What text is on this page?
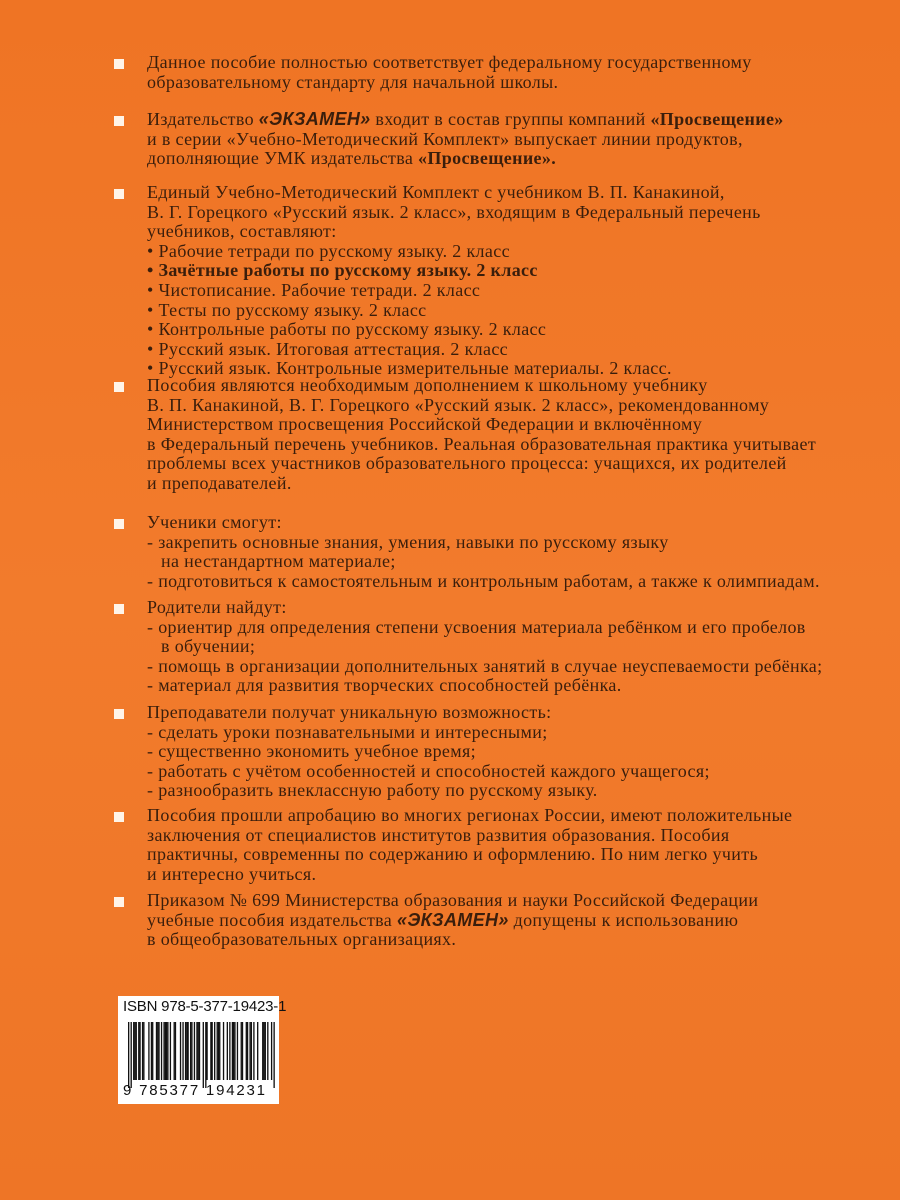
Данное пособие полностью соответствует федеральному государственному
образовательному стандарту для начальной школы.
Издательство «ЭКЗАМЕН» входит в состав группы компаний «Просвещение»
и в серии «Учебно-Методический Комплект» выпускает линии продуктов,
дополняющие УМК издательства «Просвещение».
Единый Учебно-Методический Комплект с учебником В. П. Канакиной,
В. Г. Горецкого «Русский язык. 2 класс», входящим в Федеральный перечень
учебников, составляют:
• Рабочие тетради по русскому языку. 2 класс
• Зачётные работы по русскому языку. 2 класс
• Чистописание. Рабочие тетради. 2 класс
• Тесты по русскому языку. 2 класс
• Контрольные работы по русскому языку. 2 класс
• Русский язык. Итоговая аттестация. 2 класс
• Русский язык. Контрольные измерительные материалы. 2 класс.
Пособия являются необходимым дополнением к школьному учебнику
В. П. Канакиной, В. Г. Горецкого «Русский язык. 2 класс», рекомендованному
Министерством просвещения Российской Федерации и включённому
в Федеральный перечень учебников. Реальная образовательная практика учитывает
проблемы всех участников образовательного процесса: учащихся, их родителей
и преподавателей.
Ученики смогут:
- закрепить основные знания, умения, навыки по русскому языку
на нестандартном материале;
- подготовиться к самостоятельным и контрольным работам, а также к олимпиадам.
Родители найдут:
- ориентир для определения степени усвоения материала ребёнком и его пробелов
в обучении;
- помощь в организации дополнительных занятий в случае неуспеваемости ребёнка;
- материал для развития творческих способностей ребёнка.
Преподаватели получат уникальную возможность:
- сделать уроки познавательными и интересными;
- существенно экономить учебное время;
- работать с учётом особенностей и способностей каждого учащегося;
- разнообразить внеклассную работу по русскому языку.
Пособия прошли апробацию во многих регионах России, имеют положительные
заключения от специалистов институтов развития образования. Пособия
практичны, современны по содержанию и оформлению. По ним легко учить
и интересно учиться.
Приказом № 699 Министерства образования и науки Российской Федерации
учебные пособия издательства «ЭКЗАМЕН» допущены к использованию
в общеобразовательных организациях.
ISBN 978-5-377-19423-1
9 785377 194231
